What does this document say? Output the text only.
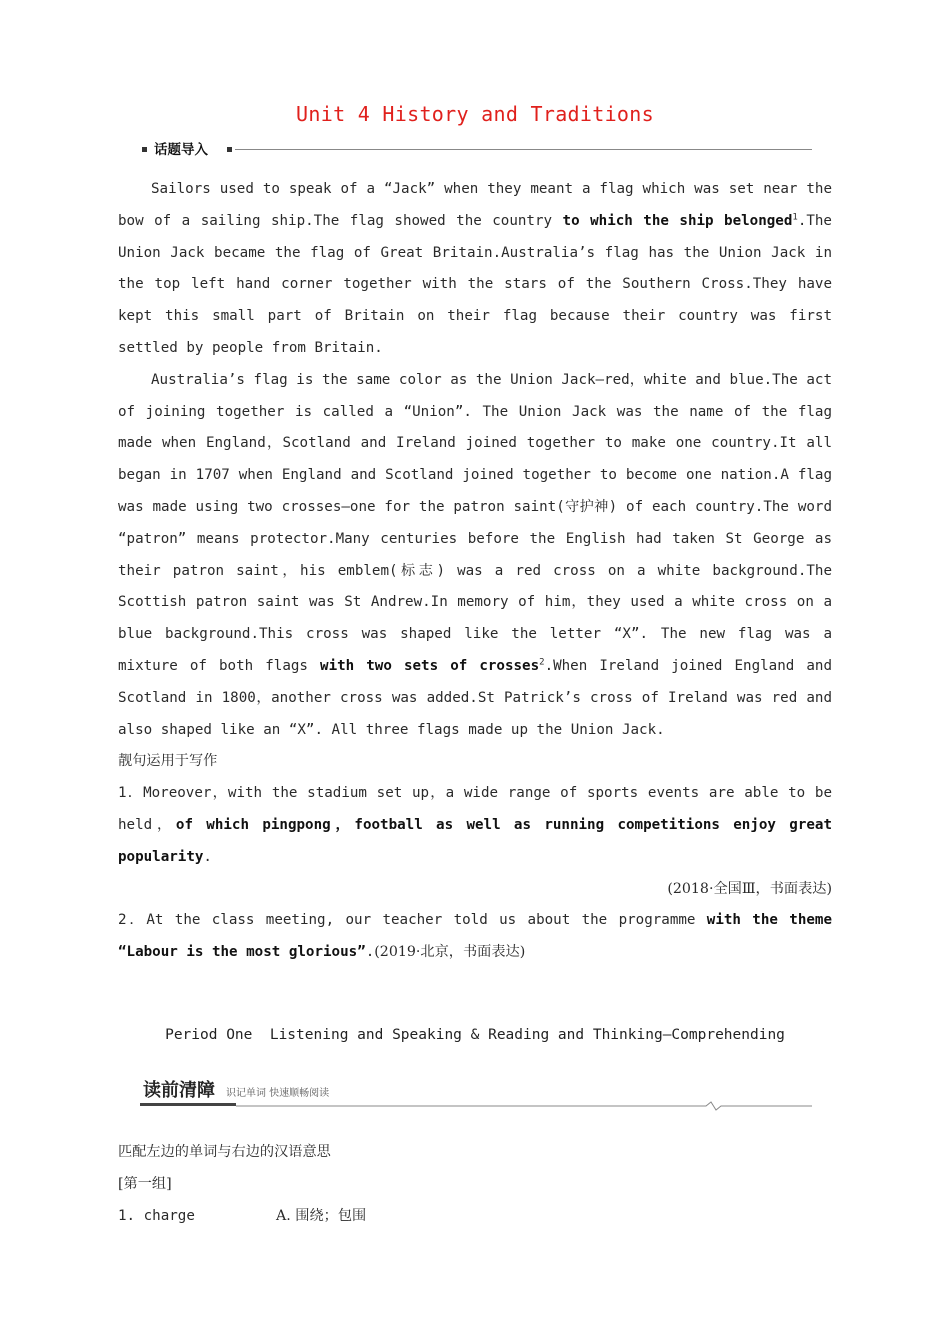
Unit 4 History and Traditions
话题导入

Sailors used to speak of a “Jack” when they meant a flag which was set near the bow of a sailing ship.The flag showed the country to which the ship belonged$^1$.The Union Jack became the flag of Great Britain.Australia’s flag has the Union Jack in the top left hand corner together with the stars of the Southern Cross.They have kept this small part of Britain on their flag because their country was first settled by people from Britain.

Australia’s flag is the same color as the Union Jack—red，white and blue.The act of joining together is called a “Union”. The Union Jack was the name of the flag made when England，Scotland and Ireland joined together to make one country.It all began in 1707 when England and Scotland joined together to become one nation.A flag was made using two crosses—one for the patron saint(守护神) of each country.The word “patron” means protector.Many centuries before the English had taken St George as their patron saint，his emblem(标志) was a red cross on a white background.The Scottish patron saint was St Andrew.In memory of him，they used a white cross on a blue background.This cross was shaped like the letter “X”. The new flag was a mixture of both flags with two sets of crosses$^2$.When Ireland joined England and Scotland in 1800，another cross was added.St Patrick’s cross of Ireland was red and also shaped like an “X”. All three flags made up the Union Jack.

靓句运用于写作

1．Moreover，with the stadium set up，a wide range of sports events are able to be held，of which pingpong，football as well as running competitions enjoy great popularity.

(2018·全国Ⅲ，书面表达)

2．At the class meeting, our teacher told us about the programme with the theme “Labour is the most glorious”.(2019·北京，书面表达)

Period One  Listening and Speaking & Reading and Thinking—Comprehending
读前清障 识记单词 快速顺畅阅读
匹配左边的单词与右边的汉语意思
[第一组]
1. charge	A. 围绕；包围
